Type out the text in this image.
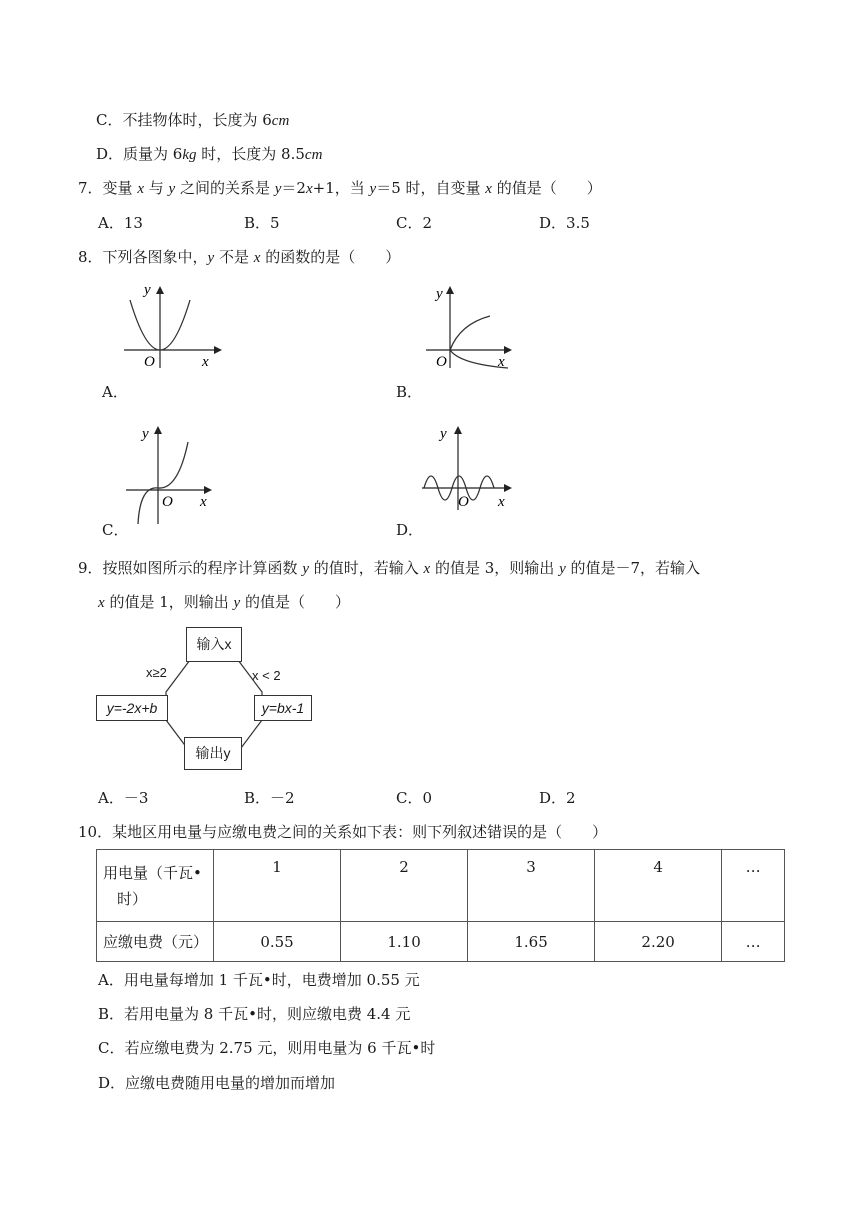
C．不挂物体时，长度为 6cm
D．质量为 6kg 时，长度为 8.5cm
7．变量 x 与 y 之间的关系是 y＝2x+1，当 y＝5 时，自变量 x 的值是（　　）
A．13	B．5	C．2	D．3.5
8．下列各图象中，y 不是 x 的函数的是（　　）
y
O	x
A．
y
O	x
B．
y
O x
C．
y
O x
D．
9．按照如图所示的程序计算函数 y 的值时，若输入 x 的值是 3，则输出 y 的值是－7，若输入
x 的值是 1，则输出 y 的值是（　　）
输入x
输出y
y=-2x+b	y=bx-1
x≥2	x < 2
A．－3	B．－2	C．0	D．2
10．某地区用电量与应缴电费之间的关系如下表：则下列叙述错误的是（　　）
用电量（千瓦•
时）	1	2	3	4	…
应缴电费（元）	0.55	1.10	1.65	2.20	…
A．用电量每增加 1 千瓦•时，电费增加 0.55 元
B．若用电量为 8 千瓦•时，则应缴电费 4.4 元
C．若应缴电费为 2.75 元，则用电量为 6 千瓦•时
D．应缴电费随用电量的增加而增加
